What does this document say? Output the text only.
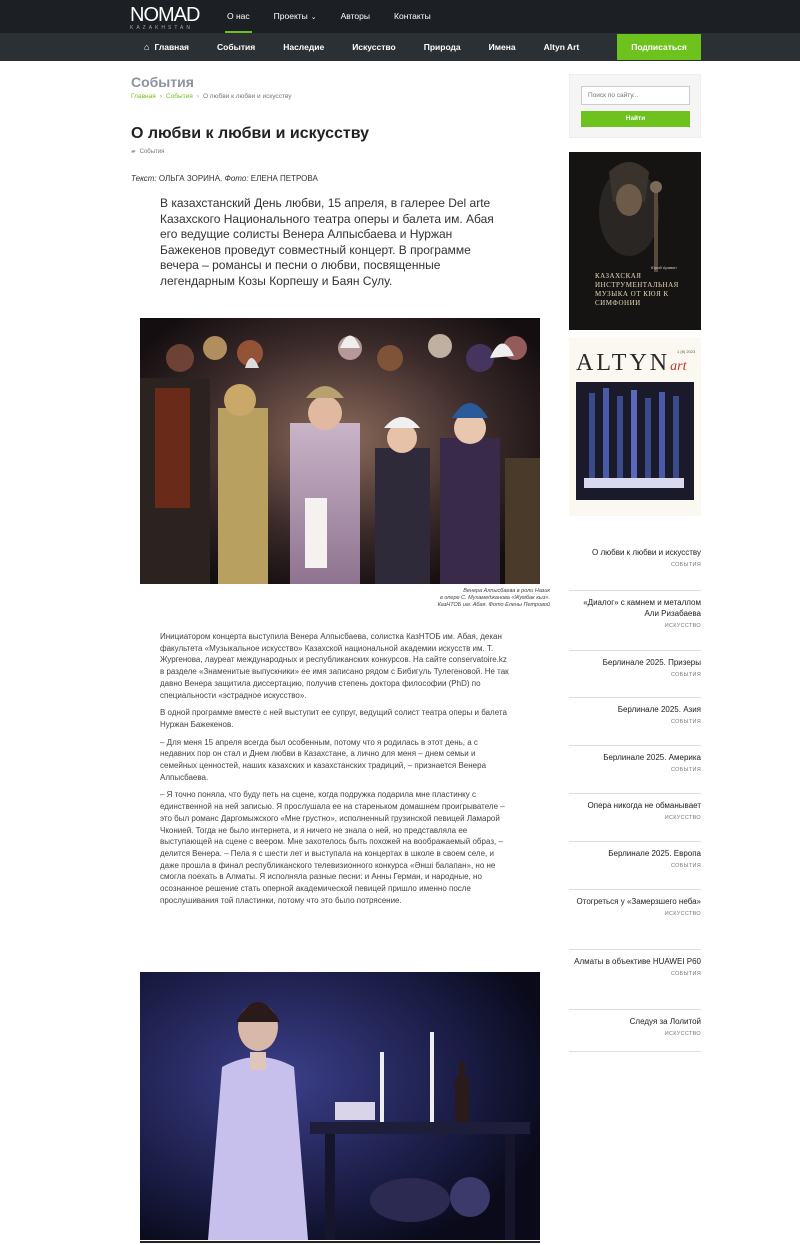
NOMAD
KAZAKHSTAN
О нас	Проекты ⌄	Авторы	Контакты
⌂ Главная	События	Наследие	Искусство	Природа	Имена	Altyn Art	Подписаться
События
Главная › События › О любви к любви и искусству
О любви к любви и искусству
▰ События
Текст: ОЛЬГА ЗОРИНА. Фото: ЕЛЕНА ПЕТРОВА

В казахстанский День любви, 15 апреля, в галерее Del arte Казахского Национального театра оперы и балета им. Абая его ведущие солисты Венера Алпысбаева и Нуржан Бажекенов проведут совместный концерт. В программе вечера – романсы и песни о любви, посвященные легендарным Козы Корпешу и Баян Сулу.

Венера Алпысбаева в роли Назик
в опере С. Мухамеджанова «Жумбак кыз».
КазНТОБ им. Абая. Фото Елены Петровой

Инициатором концерта выступила Венера Алпысбаева, солистка КазНТОБ им. Абая, декан факультета «Музыкальное искусство» Казахской национальной академии искусств им. Т. Жургенова, лауреат международных и республиканских конкурсов. На сайте conservatoire.kz в разделе «Знаменитые выпускники» ее имя записано рядом с Бибигуль Тулегеновой. Не так давно Венера защитила диссертацию, получив степень доктора философии (PhD) по специальности «эстрадное искусство».

В одной программе вместе с ней выступит ее супруг, ведущий солист театра оперы и балета Нуржан Бажекенов.

– Для меня 15 апреля всегда был особенным, потому что я родилась в этот день, а с недавних пор он стал и Днем любви в Казахстане, а лично для меня – днем семьи и семейных ценностей, наших казахских и казахстанских традиций, – признается Венера Алпысбаева.

– Я точно поняла, что буду петь на сцене, когда подружка подарила мне пластинку с единственной на ней записью. Я прослушала ее на стареньком домашнем проигрывателе – это был романс Даргомыжского «Мне грустно», исполненный грузинской певицей Ламарой Чконией. Тогда не было интернета, и я ничего не знала о ней, но представляла ее выступающей на сцене с веером. Мне захотелось быть похожей на воображаемый образ, – делится Венера. – Пела я с шести лет и выступала на концертах в школе в своем селе, и даже прошла в финал республиканского телевизионного конкурса «Әнші балапан», но не смогла поехать в Алматы. Я исполняла разные песни: и Анны Герман, и народные, но осознанное решение стать оперной академической певицей пришло именно после прослушивания той пластинки, потому что это было потрясение.

Поиск по сайту...
Найти
Юрий Аравин
КАЗАХСКАЯ ИНСТРУМЕНТАЛЬНАЯ МУЗЫКА ОТ КЮЯ К СИМФОНИИ
ALTYNart
1 (8) 2023
О любви к любви и искусству
СОБЫТИЯ
«Диалог» с камнем и металлом Али Ризабаева
ИСКУССТВО
Берлинале 2025. Призеры
СОБЫТИЯ
Берлинале 2025. Азия
СОБЫТИЯ
Берлинале 2025. Америка
СОБЫТИЯ
Опера никогда не обманывает
ИСКУССТВО
Берлинале 2025. Европа
СОБЫТИЯ
Отогреться у «Замерзшего неба»
ИСКУССТВО
Алматы в объективе HUAWEI P60
СОБЫТИЯ
Следуя за Лолитой
ИСКУССТВО
